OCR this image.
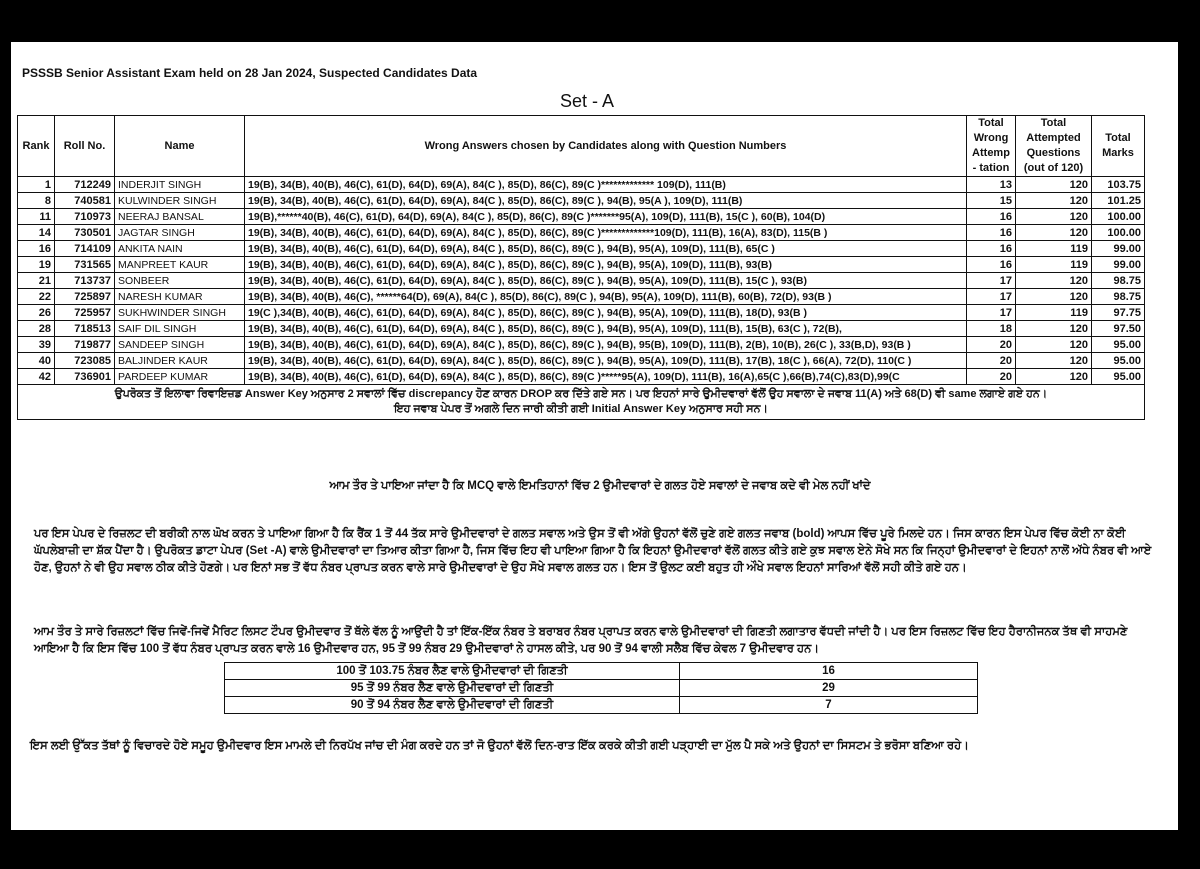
PSSSB Senior Assistant Exam held on 28 Jan 2024, Suspected Candidates Data
Set - A
Rank	Roll No.	Name	Wrong Answers chosen by Candidates along with Question Numbers	Total Wrong Attemp - tation	Total Attempted Questions (out of 120)	Total Marks
1	712249	INDERJIT SINGH	19(B), 34(B), 40(B), 46(C), 61(D), 64(D), 69(A), 84(C ), 85(D), 86(C), 89(C )************* 109(D), 111(B)	13	120	103.75
8	740581	KULWINDER SINGH	19(B), 34(B), 40(B), 46(C), 61(D), 64(D), 69(A), 84(C ), 85(D), 86(C), 89(C ), 94(B), 95(A ), 109(D), 111(B)	15	120	101.25
11	710973	NEERAJ BANSAL	19(B),******40(B), 46(C), 61(D), 64(D), 69(A), 84(C ), 85(D), 86(C), 89(C )*******95(A), 109(D), 111(B), 15(C ), 60(B), 104(D)	16	120	100.00
14	730501	JAGTAR SINGH	19(B), 34(B), 40(B), 46(C), 61(D), 64(D), 69(A), 84(C ), 85(D), 86(C), 89(C )*************109(D), 111(B), 16(A), 83(D), 115(B )	16	120	100.00
16	714109	ANKITA NAIN	19(B), 34(B), 40(B), 46(C), 61(D), 64(D), 69(A), 84(C ), 85(D), 86(C), 89(C ), 94(B), 95(A), 109(D), 111(B), 65(C )	16	119	99.00
19	731565	MANPREET KAUR	19(B), 34(B), 40(B), 46(C), 61(D), 64(D), 69(A), 84(C ), 85(D), 86(C), 89(C ), 94(B), 95(A), 109(D), 111(B), 93(B)	16	119	99.00
21	713737	SONBEER	19(B), 34(B), 40(B), 46(C), 61(D), 64(D), 69(A), 84(C ), 85(D), 86(C), 89(C ), 94(B), 95(A), 109(D), 111(B), 15(C ), 93(B)	17	120	98.75
22	725897	NARESH KUMAR	19(B), 34(B), 40(B), 46(C), ******64(D), 69(A), 84(C ), 85(D), 86(C), 89(C ), 94(B), 95(A), 109(D), 111(B), 60(B), 72(D), 93(B )	17	120	98.75
26	725957	SUKHWINDER SINGH	19(C ),34(B), 40(B), 46(C), 61(D), 64(D), 69(A), 84(C ), 85(D), 86(C), 89(C ), 94(B), 95(A), 109(D), 111(B), 18(D), 93(B )	17	119	97.75
28	718513	SAIF DIL SINGH	19(B), 34(B), 40(B), 46(C), 61(D), 64(D), 69(A), 84(C ), 85(D), 86(C), 89(C ), 94(B), 95(A), 109(D), 111(B), 15(B), 63(C ), 72(B),	18	120	97.50
39	719877	SANDEEP SINGH	19(B), 34(B), 40(B), 46(C), 61(D), 64(D), 69(A), 84(C ), 85(D), 86(C), 89(C ), 94(B), 95(B), 109(D), 111(B), 2(B), 10(B), 26(C ), 33(B,D), 93(B )	20	120	95.00
40	723085	BALJINDER KAUR	19(B), 34(B), 40(B), 46(C), 61(D), 64(D), 69(A), 84(C ), 85(D), 86(C), 89(C ), 94(B), 95(A), 109(D), 111(B), 17(B), 18(C ), 66(A), 72(D), 110(C )	20	120	95.00
42	736901	PARDEEP KUMAR	19(B), 34(B), 40(B), 46(C), 61(D), 64(D), 69(A), 84(C ), 85(D), 86(C), 89(C )*****95(A), 109(D), 111(B), 16(A),65(C ),66(B),74(C),83(D),99(C	20	120	95.00

ਉਪਰੋਕਤ ਤੋਂ ਇਲਾਵਾ ਰਿਵਾਇਜ਼ਡ Answer Key ਅਨੁਸਾਰ 2 ਸਵਾਲਾਂ ਵਿੱਚ discrepancy ਹੋਣ ਕਾਰਨ DROP ਕਰ ਦਿੱਤੇ ਗਏ ਸਨ। ਪਰ ਇਹਨਾਂ ਸਾਰੇ ਉਮੀਦਵਾਰਾਂ ਵੱਲੋਂ ਉਹ ਸਵਾਲਾ ਦੇ ਜਵਾਬ 11(A) ਅਤੇ 68(D) ਵੀ same ਲਗਾਏ ਗਏ ਹਨ।
ਇਹ ਜਵਾਬ ਪੇਪਰ ਤੋਂ ਅਗਲੇ ਦਿਨ ਜਾਰੀ ਕੀਤੀ ਗਈ Initial Answer Key ਅਨੁਸਾਰ ਸਹੀ ਸਨ।						
ਆਮ ਤੌਰ ਤੇ ਪਾਇਆ ਜਾਂਦਾ ਹੈ ਕਿ MCQ ਵਾਲੇ ਇਮਤਿਹਾਨਾਂ ਵਿੱਚ 2 ਉਮੀਦਵਾਰਾਂ ਦੇ ਗਲਤ ਹੋਏ ਸਵਾਲਾਂ ਦੇ ਜਵਾਬ ਕਦੇ ਵੀ ਮੇਲ ਨਹੀਂ ਖਾਂਦੇ
ਪਰ ਇਸ ਪੇਪਰ ਦੇ ਰਿਜ਼ਲਟ ਦੀ ਬਰੀਕੀ ਨਾਲ ਘੋਖ ਕਰਨ ਤੇ ਪਾਇਆ ਗਿਆ ਹੈ ਕਿ ਰੈਂਕ 1 ਤੋਂ 44 ਤੱਕ ਸਾਰੇ ਉਮੀਦਵਾਰਾਂ ਦੇ ਗਲਤ ਸਵਾਲ ਅਤੇ ਉਸ ਤੋਂ ਵੀ ਅੱਗੇ ਉਹਨਾਂ ਵੱਲੋਂ ਚੁਣੇ ਗਏ ਗਲਤ ਜਵਾਬ (bold) ਆਪਸ ਵਿੱਚ ਪੂਰੇ ਮਿਲਦੇ ਹਨ। ਜਿਸ ਕਾਰਨ ਇਸ ਪੇਪਰ ਵਿੱਚ ਕੋਈ ਨਾ ਕੋਈ ਘੱਪਲੇਬਾਜ਼ੀ ਦਾ ਸ਼ੱਕ ਪੈਂਦਾ ਹੈ। ਉਪਰੋਕਤ ਡਾਟਾ ਪੇਪਰ (Set -A) ਵਾਲੇ ਉਮੀਦਵਾਰਾਂ ਦਾ ਤਿਆਰ ਕੀਤਾ ਗਿਆ ਹੈ, ਜਿਸ ਵਿੱਚ ਇਹ ਵੀ ਪਾਇਆ ਗਿਆ ਹੈ ਕਿ ਇਹਨਾਂ ਉਮੀਦਵਾਰਾਂ ਵੱਲੋਂ ਗਲਤ ਕੀਤੇ ਗਏ ਕੁਝ ਸਵਾਲ ਏਨੇ ਸੋਖੇ ਸਨ ਕਿ ਜਿਨ੍ਹਾਂ ਉਮੀਦਵਾਰਾਂ ਦੇ ਇਹਨਾਂ ਨਾਲੋਂ ਅੱਧੇ ਨੰਬਰ ਵੀ ਆਏ ਹੋਣ, ਉਹਨਾਂ ਨੇ ਵੀ ਉਹ ਸਵਾਲ ਠੀਕ ਕੀਤੇ ਹੋਣਗੇ। ਪਰ ਇਨਾਂ ਸਭ ਤੋਂ ਵੱਧ ਨੰਬਰ ਪ੍ਰਾਪਤ ਕਰਨ ਵਾਲੇ ਸਾਰੇ ਉਮੀਦਵਾਰਾਂ ਦੇ ਉਹ ਸੋਖੇ ਸਵਾਲ ਗਲਤ ਹਨ। ਇਸ ਤੋਂ ਉਲਟ ਕਈ ਬਹੁਤ ਹੀ ਔਖੇ ਸਵਾਲ ਇਹਨਾਂ ਸਾਰਿਆਂ ਵੱਲੋਂ ਸਹੀ ਕੀਤੇ ਗਏ ਹਨ।
ਆਮ ਤੌਰ ਤੇ ਸਾਰੇ ਰਿਜ਼ਲਟਾਂ ਵਿੱਚ ਜਿਵੇਂ-ਜਿਵੇਂ ਮੈਰਿਟ ਲਿਸਟ ਟੌਪਰ ਉਮੀਦਵਾਰ ਤੋਂ ਥੱਲੇ ਵੱਲ ਨੂੰ ਆਉਂਦੀ ਹੈ ਤਾਂ ਇੱਕ-ਇੱਕ ਨੰਬਰ ਤੇ ਬਰਾਬਰ ਨੰਬਰ ਪ੍ਰਾਪਤ ਕਰਨ ਵਾਲੇ ਉਮੀਦਵਾਰਾਂ ਦੀ ਗਿਣਤੀ ਲਗਾਤਾਰ ਵੱਧਦੀ ਜਾਂਦੀ ਹੈ। ਪਰ ਇਸ ਰਿਜ਼ਲਟ ਵਿੱਚ ਇਹ ਹੈਰਾਨੀਜਨਕ ਤੱਥ ਵੀ ਸਾਹਮਣੇ ਆਇਆ ਹੈ ਕਿ ਇਸ ਵਿੱਚ 100 ਤੋਂ ਵੱਧ ਨੰਬਰ ਪ੍ਰਾਪਤ ਕਰਨ ਵਾਲੇ 16 ਉਮੀਦਵਾਰ ਹਨ, 95 ਤੋਂ 99 ਨੰਬਰ 29 ਉਮੀਦਵਾਰਾਂ ਨੇ ਹਾਸਲ ਕੀਤੇ, ਪਰ 90 ਤੋਂ 94 ਵਾਲੀ ਸਲੈਬ ਵਿੱਚ ਕੇਵਲ 7 ਉਮੀਦਵਾਰ ਹਨ।
100 ਤੋਂ 103.75 ਨੰਬਰ ਲੈਣ ਵਾਲੇ ਉਮੀਦਵਾਰਾਂ ਦੀ ਗਿਣਤੀ	16
95 ਤੋਂ 99 ਨੰਬਰ ਲੈਣ ਵਾਲੇ ਉਮੀਦਵਾਰਾਂ ਦੀ ਗਿਣਤੀ	29
90 ਤੋਂ 94 ਨੰਬਰ ਲੈਣ ਵਾਲੇ ਉਮੀਦਵਾਰਾਂ ਦੀ ਗਿਣਤੀ	7
ਇਸ ਲਈ ਉੱਕਤ ਤੱਥਾਂ ਨੂੰ ਵਿਚਾਰਦੇ ਹੋਏ ਸਮੂਹ ਉਮੀਦਵਾਰ ਇਸ ਮਾਮਲੇ ਦੀ ਨਿਰਪੱਖ ਜਾਂਚ ਦੀ ਮੰਗ ਕਰਦੇ ਹਨ ਤਾਂ ਜੋ ਉਹਨਾਂ ਵੱਲੋਂ ਦਿਨ-ਰਾਤ ਇੱਕ ਕਰਕੇ ਕੀਤੀ ਗਈ ਪੜ੍ਹਾਈ ਦਾ ਮੁੱਲ ਪੈ ਸਕੇ ਅਤੇ ਉਹਨਾਂ ਦਾ ਸਿਸਟਮ ਤੇ ਭਰੋਸਾ ਬਣਿਆ ਰਹੇ।
